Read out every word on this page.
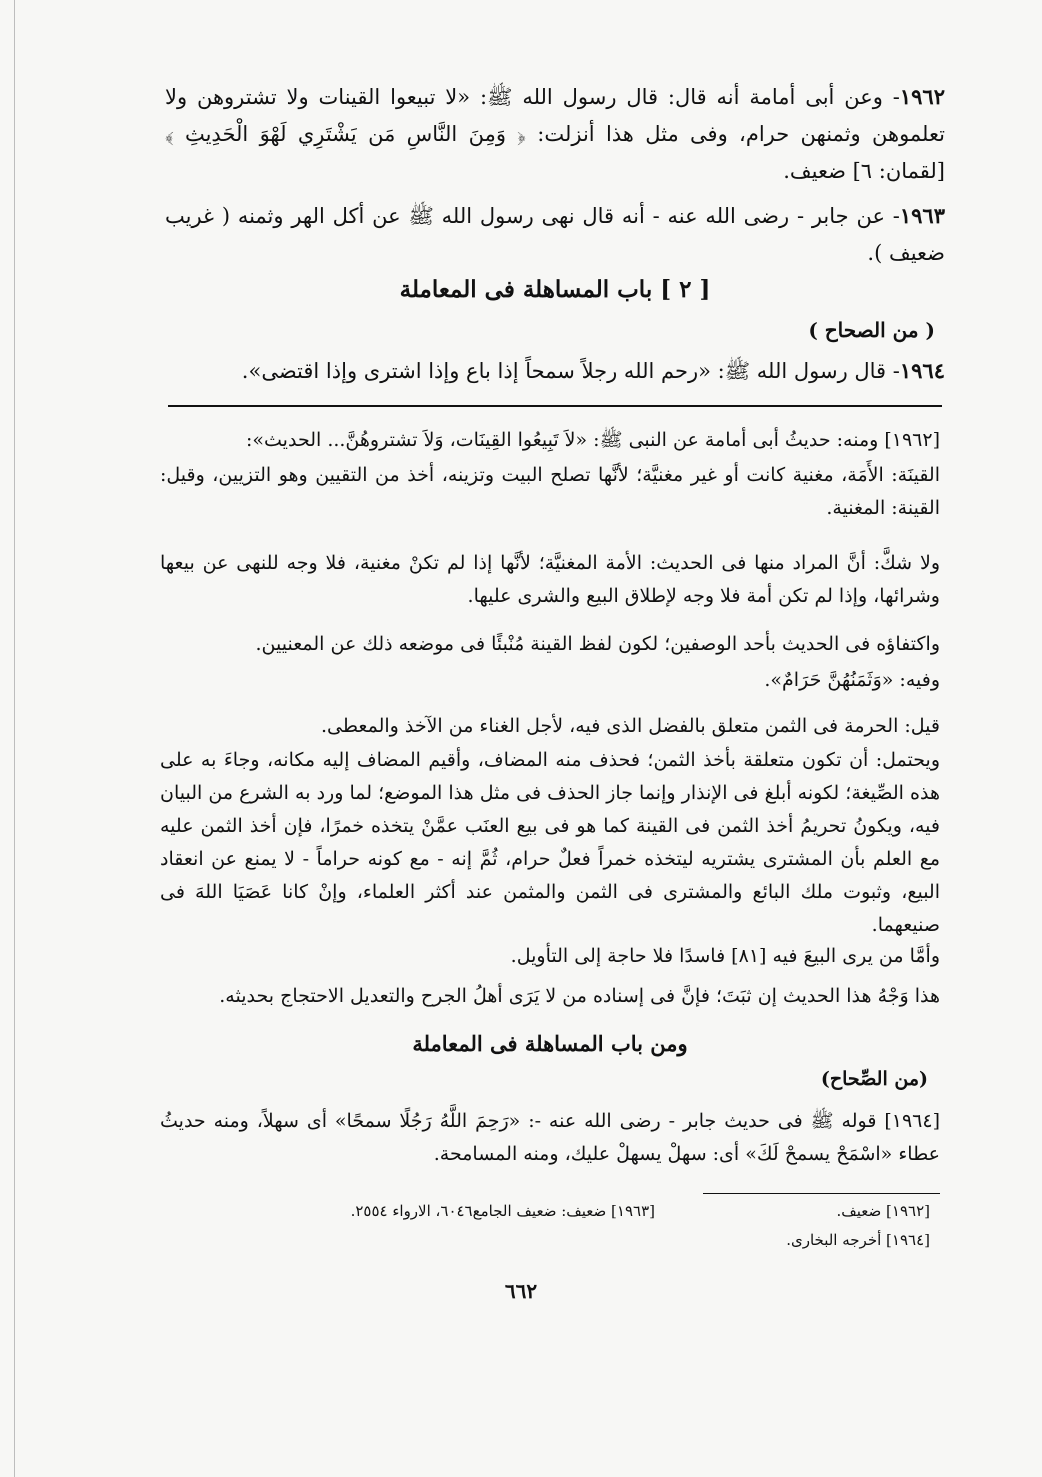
١٩٦٢- وعن أبى أمامة أنه قال: قال رسول الله ﷺ: «لا تبيعوا القينات ولا تشتروهن ولا تعلموهن وثمنهن حرام، وفى مثل هذا أنزلت: ﴿ وَمِنَ النَّاسِ مَن يَشْتَرِي لَهْوَ الْحَدِيثِ ﴾[لقمان: ٦] ضعيف.
١٩٦٣- عن جابر - رضى الله عنه - أنه قال نهى رسول الله ﷺ عن أكل الهر وثمنه ( غريب ضعيف ).
[ ٢ ] باب المساهلة فى المعاملة
( من الصحاح )
١٩٦٤- قال رسول الله ﷺ: «رحم الله رجلاً سمحاً إذا باع وإذا اشترى وإذا اقتضى».
[١٩٦٢] ومنه: حديثُ أبى أمامة عن النبى ﷺ: «لاَ تَبِيعُوا القِينَات، وَلاَ تشتروهُنَّ... الحديث»:
القينَة: الأَمَة، مغنية كانت أو غير مغنيَّة؛ لأنَّها تصلح البيت وتزينه، أخذ من التقيين وهو التزيين، وقيل: القينة: المغنية.
ولا شكَّ: أنَّ المراد منها فى الحديث: الأمة المغنيَّة؛ لأنَّها إذا لم تكنْ مغنية، فلا وجه للنهى عن بيعها وشرائها، وإذا لم تكن أمة فلا وجه لإطلاق البيع والشرى عليها.
واكتفاؤه فى الحديث بأحد الوصفين؛ لكون لفظ القينة مُنْبئًا فى موضعه ذلك عن المعنيين.
وفيه: «وَثَمَنُهُنَّ حَرَامٌ».
قيل: الحرمة فى الثمن متعلق بالفضل الذى فيه، لأجل الغناء من الآخذ والمعطى.
ويحتمل: أن تكون متعلقة بأخذ الثمن؛ فحذف منه المضاف، وأقيم المضاف إليه مكانه، وجاءَ به على هذه الصِّيغة؛ لكونه أبلغ فى الإنذار وإنما جاز الحذف فى مثل هذا الموضع؛ لما ورد به الشرع من البيان فيه، ويكونُ تحريمُ أخذ الثمن فى القينة كما هو فى بيع العنَب عمَّنْ يتخذه خمرًا، فإن أخذ الثمن عليه مع العلم بأن المشترى يشتريه ليتخذه خمراً فعلٌ حرام، ثُمَّ إنه - مع كونه حراماً - لا يمنع عن انعقاد البيع، وثبوت ملك البائع والمشترى فى الثمن والمثمن عند أكثر العلماء، وإنْ كانا عَصَيَا اللهَ فى صنيعهما.
وأمَّا من يرى البيعَ فيه [٨١] فاسدًا فلا حاجة إلى التأويل.
هذا وَجْهُ هذا الحديث إن ثبَتَ؛ فإنَّ فى إسناده من لا يَرَى أهلُ الجرح والتعديل الاحتجاج بحديثه.
ومن باب المساهلة فى المعاملة
(من الصِّحاح)
[١٩٦٤] قوله ﷺ فى حديث جابر - رضى الله عنه -: «رَحِمَ اللَّهُ رَجُلًا سمحًا» أى سهلاً، ومنه حديثُ عطاء «اسْمَحْ يسمحْ لَكَ» أى: سهلْ يسهلْ عليك، ومنه المسامحة.
[١٩٦٢] ضعيف.
[١٩٦٣] ضعيف: ضعيف الجامع٦٠٤٦، الارواء ٢٥٥٤.
[١٩٦٤] أخرجه البخارى.
٦٦٢
